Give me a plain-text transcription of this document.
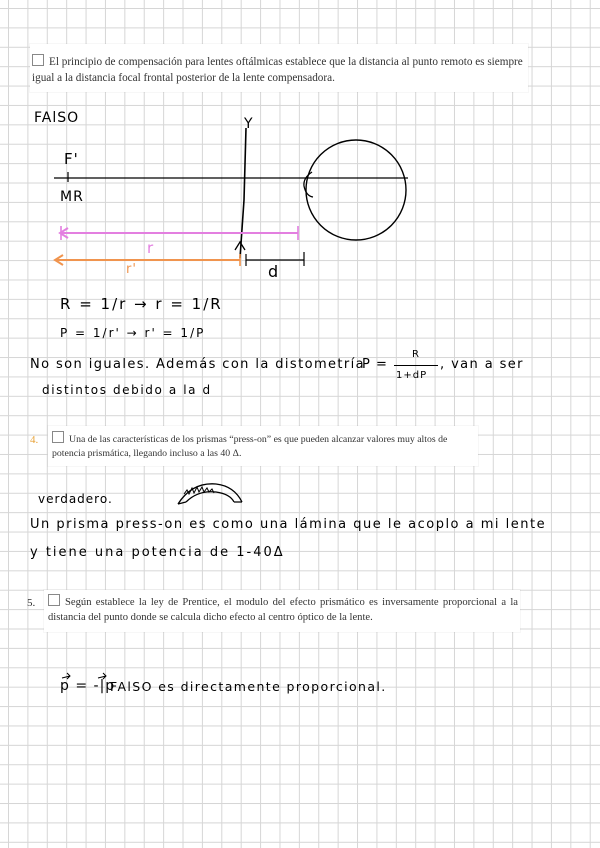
El principio de compensación para lentes oftálmicas establece que la distancia al punto remoto es siempre igual a la distancia focal frontal posterior de la lente compensadora.
FAlSO	Y
F'
MR
r
r'	d
R = 1/r → r = 1/R
P = 1/r' → r' = 1/P
No son iguales. Además con la distometría
P =
R
1+dP
, van a ser
distintos debido a la d
4.	Una de las características de los prismas “press-on” es que pueden alcanzar valores muy altos de potencia prismática, llegando incluso a las 40 Δ.
verdadero.
Un prisma press-on es como una lámina que le acoplo a mi lente
y tiene una potencia de 1-40Δ
5.	Según establece la ley de Prentice, el modulo del efecto prismático es inversamente proporcional a la distancia del punto donde se calcula dicho efecto al centro óptico de la lente.
p = -|p
FAlSO es directamente proporcional.
